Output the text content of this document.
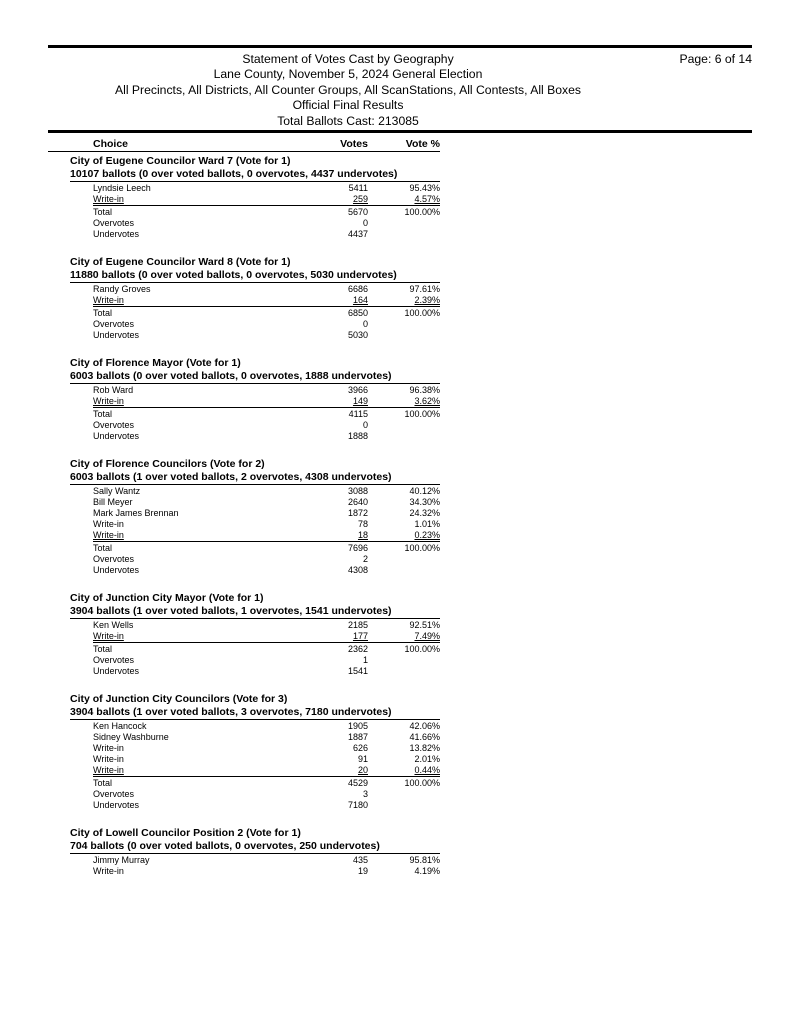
Statement of Votes Cast by Geography
Lane County, November 5, 2024 General Election
All Precincts, All Districts, All Counter Groups, All ScanStations, All Contests, All Boxes
Official Final Results
Total Ballots Cast: 213085
Page: 6 of 14
Choice	Votes	Vote %
City of Eugene Councilor Ward 7 (Vote for 1)
10107 ballots (0 over voted ballots, 0 overvotes, 4437 undervotes)
Lyndsie Leech	5411	95.43%
Write-in	259	4.57%
Total	5670	100.00%
Overvotes	0
Undervotes	4437
City of Eugene Councilor Ward 8 (Vote for 1)
11880 ballots (0 over voted ballots, 0 overvotes, 5030 undervotes)
Randy Groves	6686	97.61%
Write-in	164	2.39%
Total	6850	100.00%
Overvotes	0
Undervotes	5030
City of Florence Mayor (Vote for 1)
6003 ballots (0 over voted ballots, 0 overvotes, 1888 undervotes)
Rob Ward	3966	96.38%
Write-in	149	3.62%
Total	4115	100.00%
Overvotes	0
Undervotes	1888
City of Florence Councilors (Vote for 2)
6003 ballots (1 over voted ballots, 2 overvotes, 4308 undervotes)
Sally Wantz	3088	40.12%
Bill Meyer	2640	34.30%
Mark James Brennan	1872	24.32%
Write-in	78	1.01%
Write-in	18	0.23%
Total	7696	100.00%
Overvotes	2
Undervotes	4308
City of Junction City Mayor (Vote for 1)
3904 ballots (1 over voted ballots, 1 overvotes, 1541 undervotes)
Ken Wells	2185	92.51%
Write-in	177	7.49%
Total	2362	100.00%
Overvotes	1
Undervotes	1541
City of Junction City Councilors (Vote for 3)
3904 ballots (1 over voted ballots, 3 overvotes, 7180 undervotes)
Ken Hancock	1905	42.06%
Sidney Washburne	1887	41.66%
Write-in	626	13.82%
Write-in	91	2.01%
Write-in	20	0.44%
Total	4529	100.00%
Overvotes	3
Undervotes	7180
City of Lowell Councilor Position 2 (Vote for 1)
704 ballots (0 over voted ballots, 0 overvotes, 250 undervotes)
Jimmy Murray	435	95.81%
Write-in	19	4.19%
